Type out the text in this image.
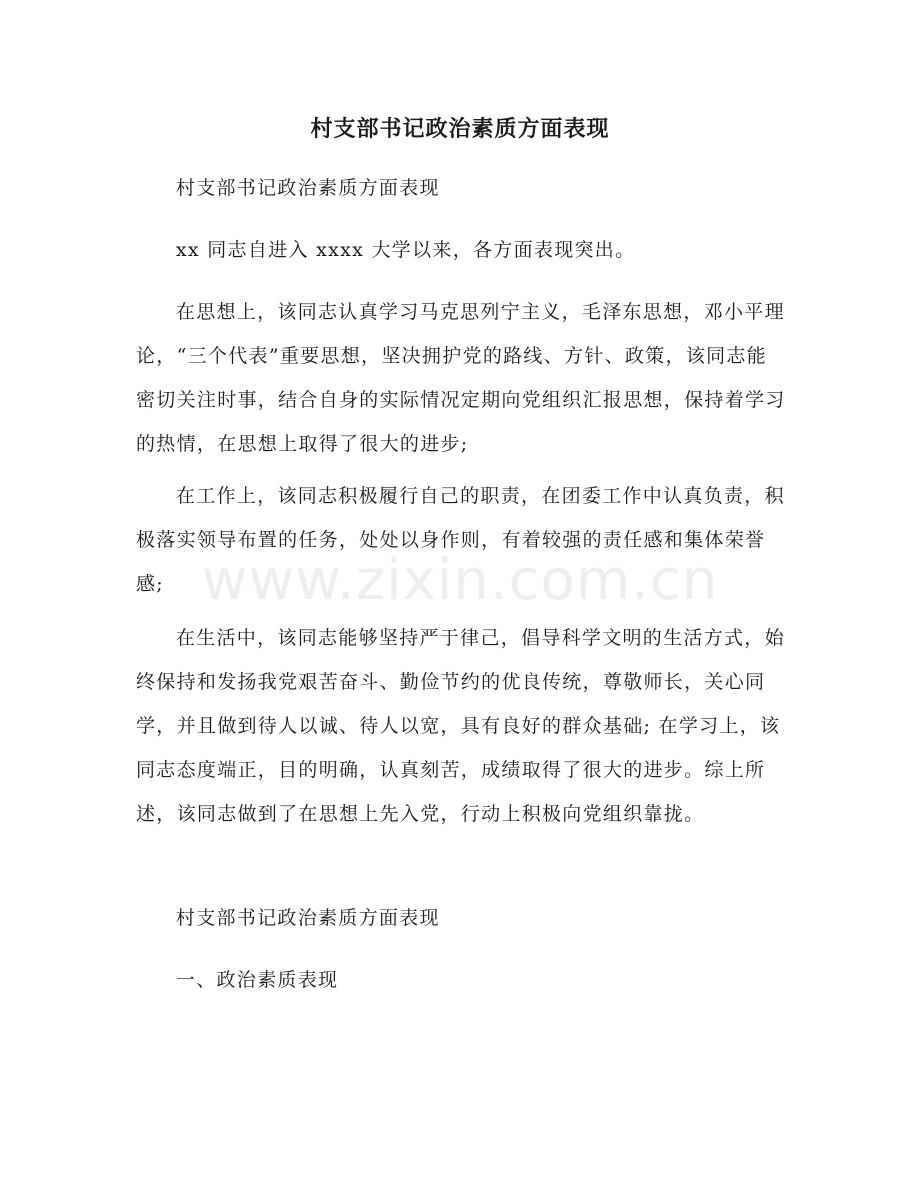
村支部书记政治素质方面表现

村支部书记政治素质方面表现

xx 同志自进入 xxxx 大学以来，各方面表现突出。

在思想上，该同志认真学习马克思列宁主义，毛泽东思想，邓小平理论，“三个代表”重要思想，坚决拥护党的路线、方针、政策，该同志能密切关注时事，结合自身的实际情况定期向党组织汇报思想，保持着学习的热情，在思想上取得了很大的进步;

在工作上，该同志积极履行自己的职责，在团委工作中认真负责，积极落实领导布置的任务，处处以身作则，有着较强的责任感和集体荣誉感;

在生活中，该同志能够坚持严于律己，倡导科学文明的生活方式，始终保持和发扬我党艰苦奋斗、勤俭节约的优良传统，尊敬师长，关心同学，并且做到待人以诚、待人以宽，具有良好的群众基础; 在学习上，该同志态度端正，目的明确，认真刻苦，成绩取得了很大的进步。综上所述，该同志做到了在思想上先入党，行动上积极向党组织靠拢。

村支部书记政治素质方面表现

一、政治素质表现

www.zixin.com.cn
